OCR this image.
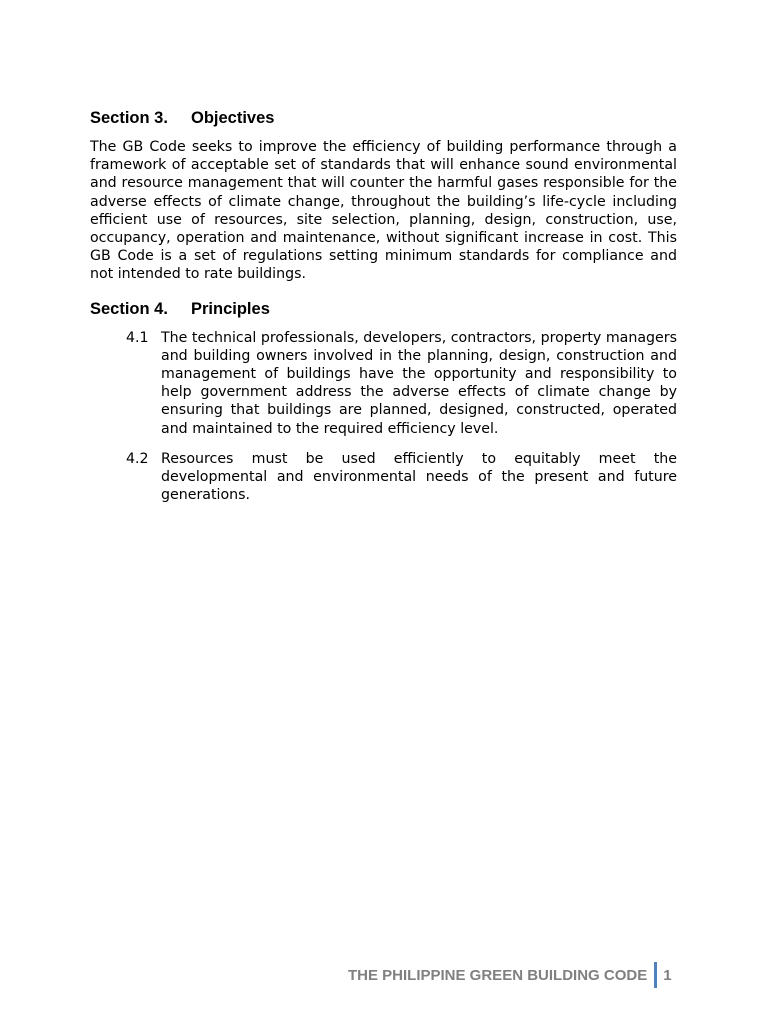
Section 3. Objectives

The GB Code seeks to improve the efficiency of building performance through a framework of acceptable set of standards that will enhance sound environmental and resource management that will counter the harmful gases responsible for the adverse effects of climate change, throughout the building’s life-cycle including efficient use of resources, site selection, planning, design, construction, use, occupancy, operation and maintenance, without significant increase in cost. This GB Code is a set of regulations setting minimum standards for compliance and not intended to rate buildings.

Section 4. Principles
4.1 The technical professionals, developers, contractors, property managers and building owners involved in the planning, design, construction and management of buildings have the opportunity and responsibility to help government address the adverse effects of climate change by ensuring that buildings are planned, designed, constructed, operated and maintained to the required efficiency level.
4.2 Resources must be used efficiently to equitably meet the developmental and environmental needs of the present and future generations.
THE PHILIPPINE GREEN BUILDING CODE 1
